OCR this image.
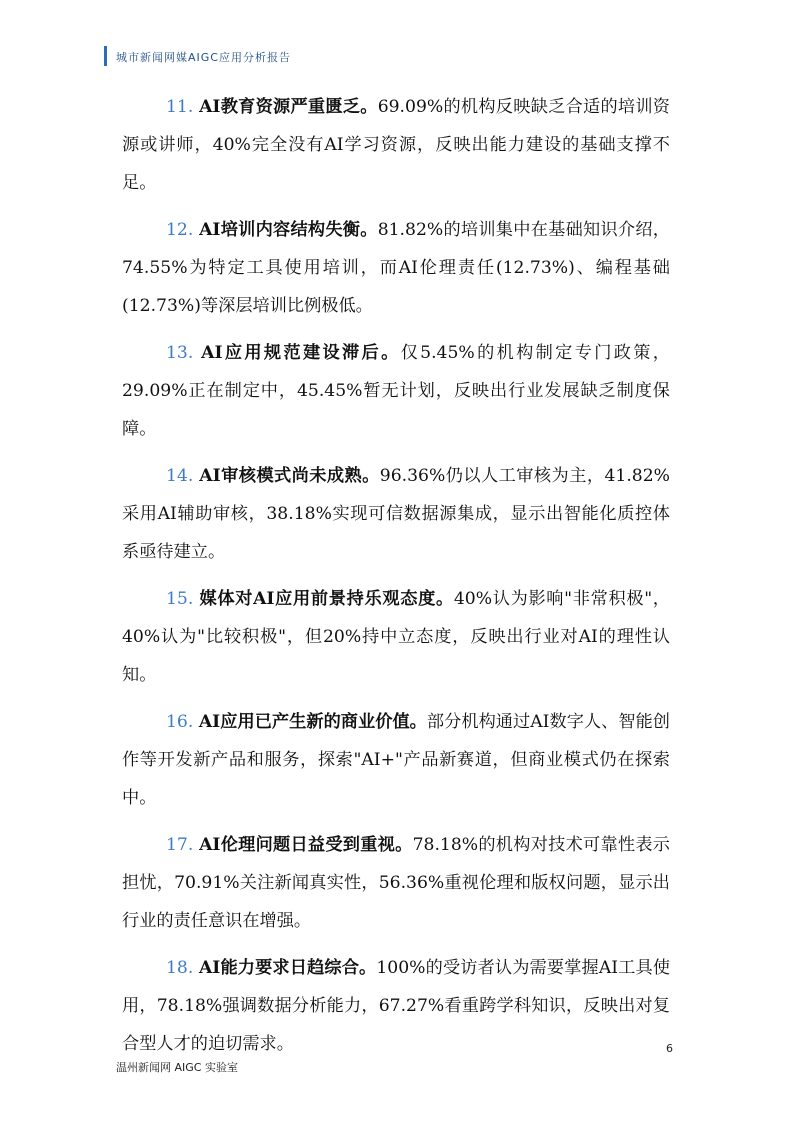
城市新闻网媒AIGC应用分析报告

11. AI教育资源严重匮乏。69.09%的机构反映缺乏合适的培训资源或讲师，40%完全没有AI学习资源，反映出能力建设的基础支撑不足。

12. AI培训内容结构失衡。81.82%的培训集中在基础知识介绍，74.55%为特定工具使用培训，而AI伦理责任(12.73%)、编程基础(12.73%)等深层培训比例极低。

13. AI应用规范建设滞后。仅5.45%的机构制定专门政策，29.09%正在制定中，45.45%暂无计划，反映出行业发展缺乏制度保障。

14. AI审核模式尚未成熟。96.36%仍以人工审核为主，41.82%采用AI辅助审核，38.18%实现可信数据源集成，显示出智能化质控体系亟待建立。

15. 媒体对AI应用前景持乐观态度。40%认为影响"非常积极"，40%认为"比较积极"，但20%持中立态度，反映出行业对AI的理性认知。

16. AI应用已产生新的商业价值。部分机构通过AI数字人、智能创作等开发新产品和服务，探索"AI+"产品新赛道，但商业模式仍在探索中。

17. AI伦理问题日益受到重视。78.18%的机构对技术可靠性表示担忧，70.91%关注新闻真实性，56.36%重视伦理和版权问题，显示出行业的责任意识在增强。

18. AI能力要求日趋综合。100%的受访者认为需要掌握AI工具使用，78.18%强调数据分析能力，67.27%看重跨学科知识，反映出对复合型人才的迫切需求。	6
温州新闻网 AIGC 实验室
